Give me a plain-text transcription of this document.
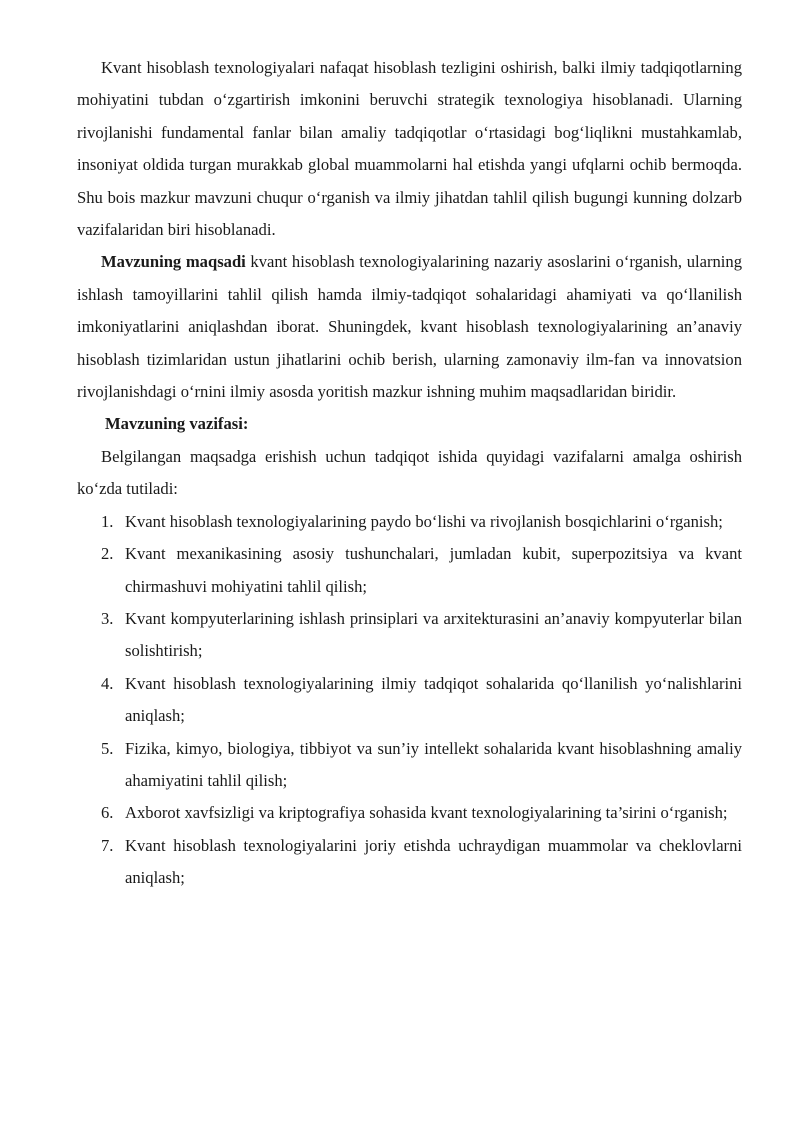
Kvant hisoblash texnologiyalari nafaqat hisoblash tezligini oshirish, balki ilmiy tadqiqotlarning mohiyatini tubdan o‘zgartirish imkonini beruvchi strategik texnologiya hisoblanadi. Ularning rivojlanishi fundamental fanlar bilan amaliy tadqiqotlar o‘rtasidagi bog‘liqlikni mustahkamlab, insoniyat oldida turgan murakkab global muammolarni hal etishda yangi ufqlarni ochib bermoqda. Shu bois mazkur mavzuni chuqur o‘rganish va ilmiy jihatdan tahlil qilish bugungi kunning dolzarb vazifalaridan biri hisoblanadi.

Mavzuning maqsadi kvant hisoblash texnologiyalarining nazariy asoslarini o‘rganish, ularning ishlash tamoyillarini tahlil qilish hamda ilmiy-tadqiqot sohalaridagi ahamiyati va qo‘llanilish imkoniyatlarini aniqlashdan iborat. Shuningdek, kvant hisoblash texnologiyalarining an’anaviy hisoblash tizimlaridan ustun jihatlarini ochib berish, ularning zamonaviy ilm-fan va innovatsion rivojlanishdagi o‘rnini ilmiy asosda yoritish mazkur ishning muhim maqsadlaridan biridir.

Mavzuning vazifasi:

Belgilangan maqsadga erishish uchun tadqiqot ishida quyidagi vazifalarni amalga oshirish ko‘zda tutiladi:

1. Kvant hisoblash texnologiyalarining paydo bo‘lishi va rivojlanish bosqichlarini o‘rganish;
2. Kvant mexanikasining asosiy tushunchalari, jumladan kubit, superpozitsiya va kvant chirmashuvi mohiyatini tahlil qilish;
3. Kvant kompyuterlarining ishlash prinsiplari va arxitekturasini an’anaviy kompyuterlar bilan solishtirish;
4. Kvant hisoblash texnologiyalarining ilmiy tadqiqot sohalarida qo‘llanilish yo‘nalishlarini aniqlash;
5. Fizika, kimyo, biologiya, tibbiyot va sun’iy intellekt sohalarida kvant hisoblashning amaliy ahamiyatini tahlil qilish;
6. Axborot xavfsizligi va kriptografiya sohasida kvant texnologiyalarining ta’sirini o‘rganish;
7. Kvant hisoblash texnologiyalarini joriy etishda uchraydigan muammolar va cheklovlarni aniqlash;
